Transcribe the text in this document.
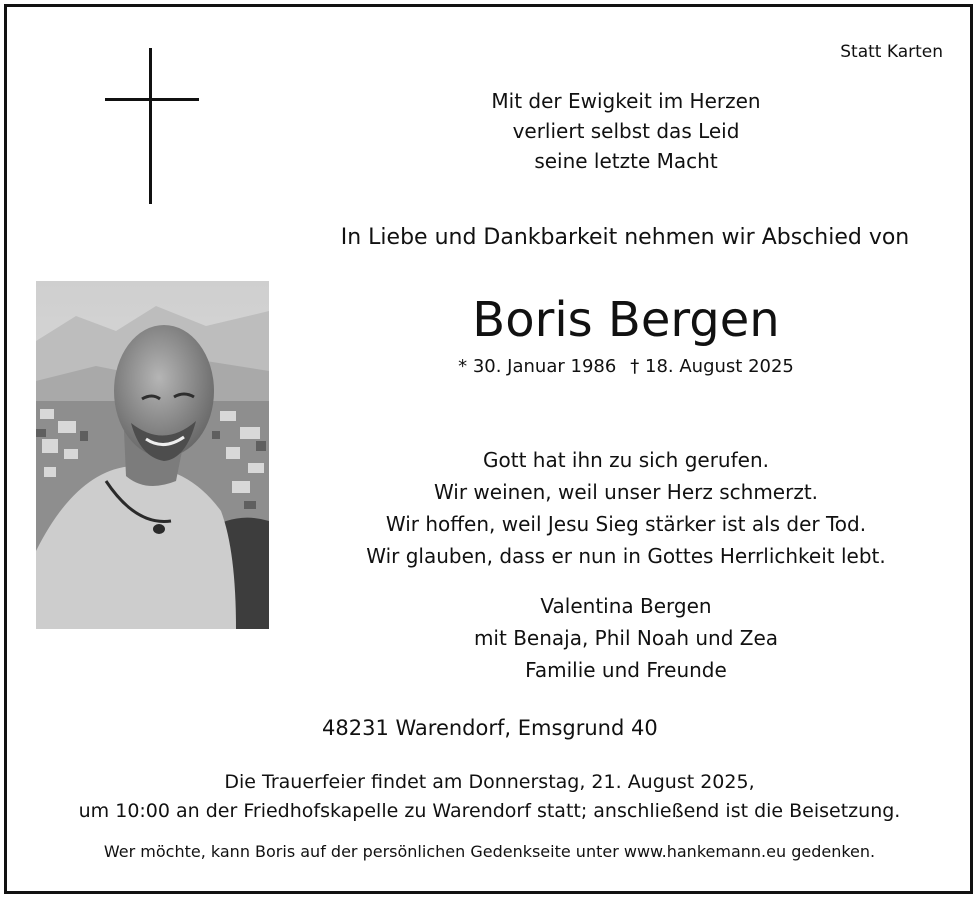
Statt Karten
Mit der Ewigkeit im Herzen
verliert selbst das Leid
seine letzte Macht
In Liebe und Dankbarkeit nehmen wir Abschied von
Boris Bergen
* 30. Januar 1986 † 18. August 2025
Gott hat ihn zu sich gerufen.
Wir weinen, weil unser Herz schmerzt.
Wir hoffen, weil Jesu Sieg stärker ist als der Tod.
Wir glauben, dass er nun in Gottes Herrlichkeit lebt.
Valentina Bergen
mit Benaja, Phil Noah und Zea
Familie und Freunde
48231 Warendorf, Emsgrund 40
Die Trauerfeier findet am Donnerstag, 21. August 2025,
um 10:00 an der Friedhofskapelle zu Warendorf statt; anschließend ist die Beisetzung.
Wer möchte, kann Boris auf der persönlichen Gedenkseite unter www.hankemann.eu gedenken.
